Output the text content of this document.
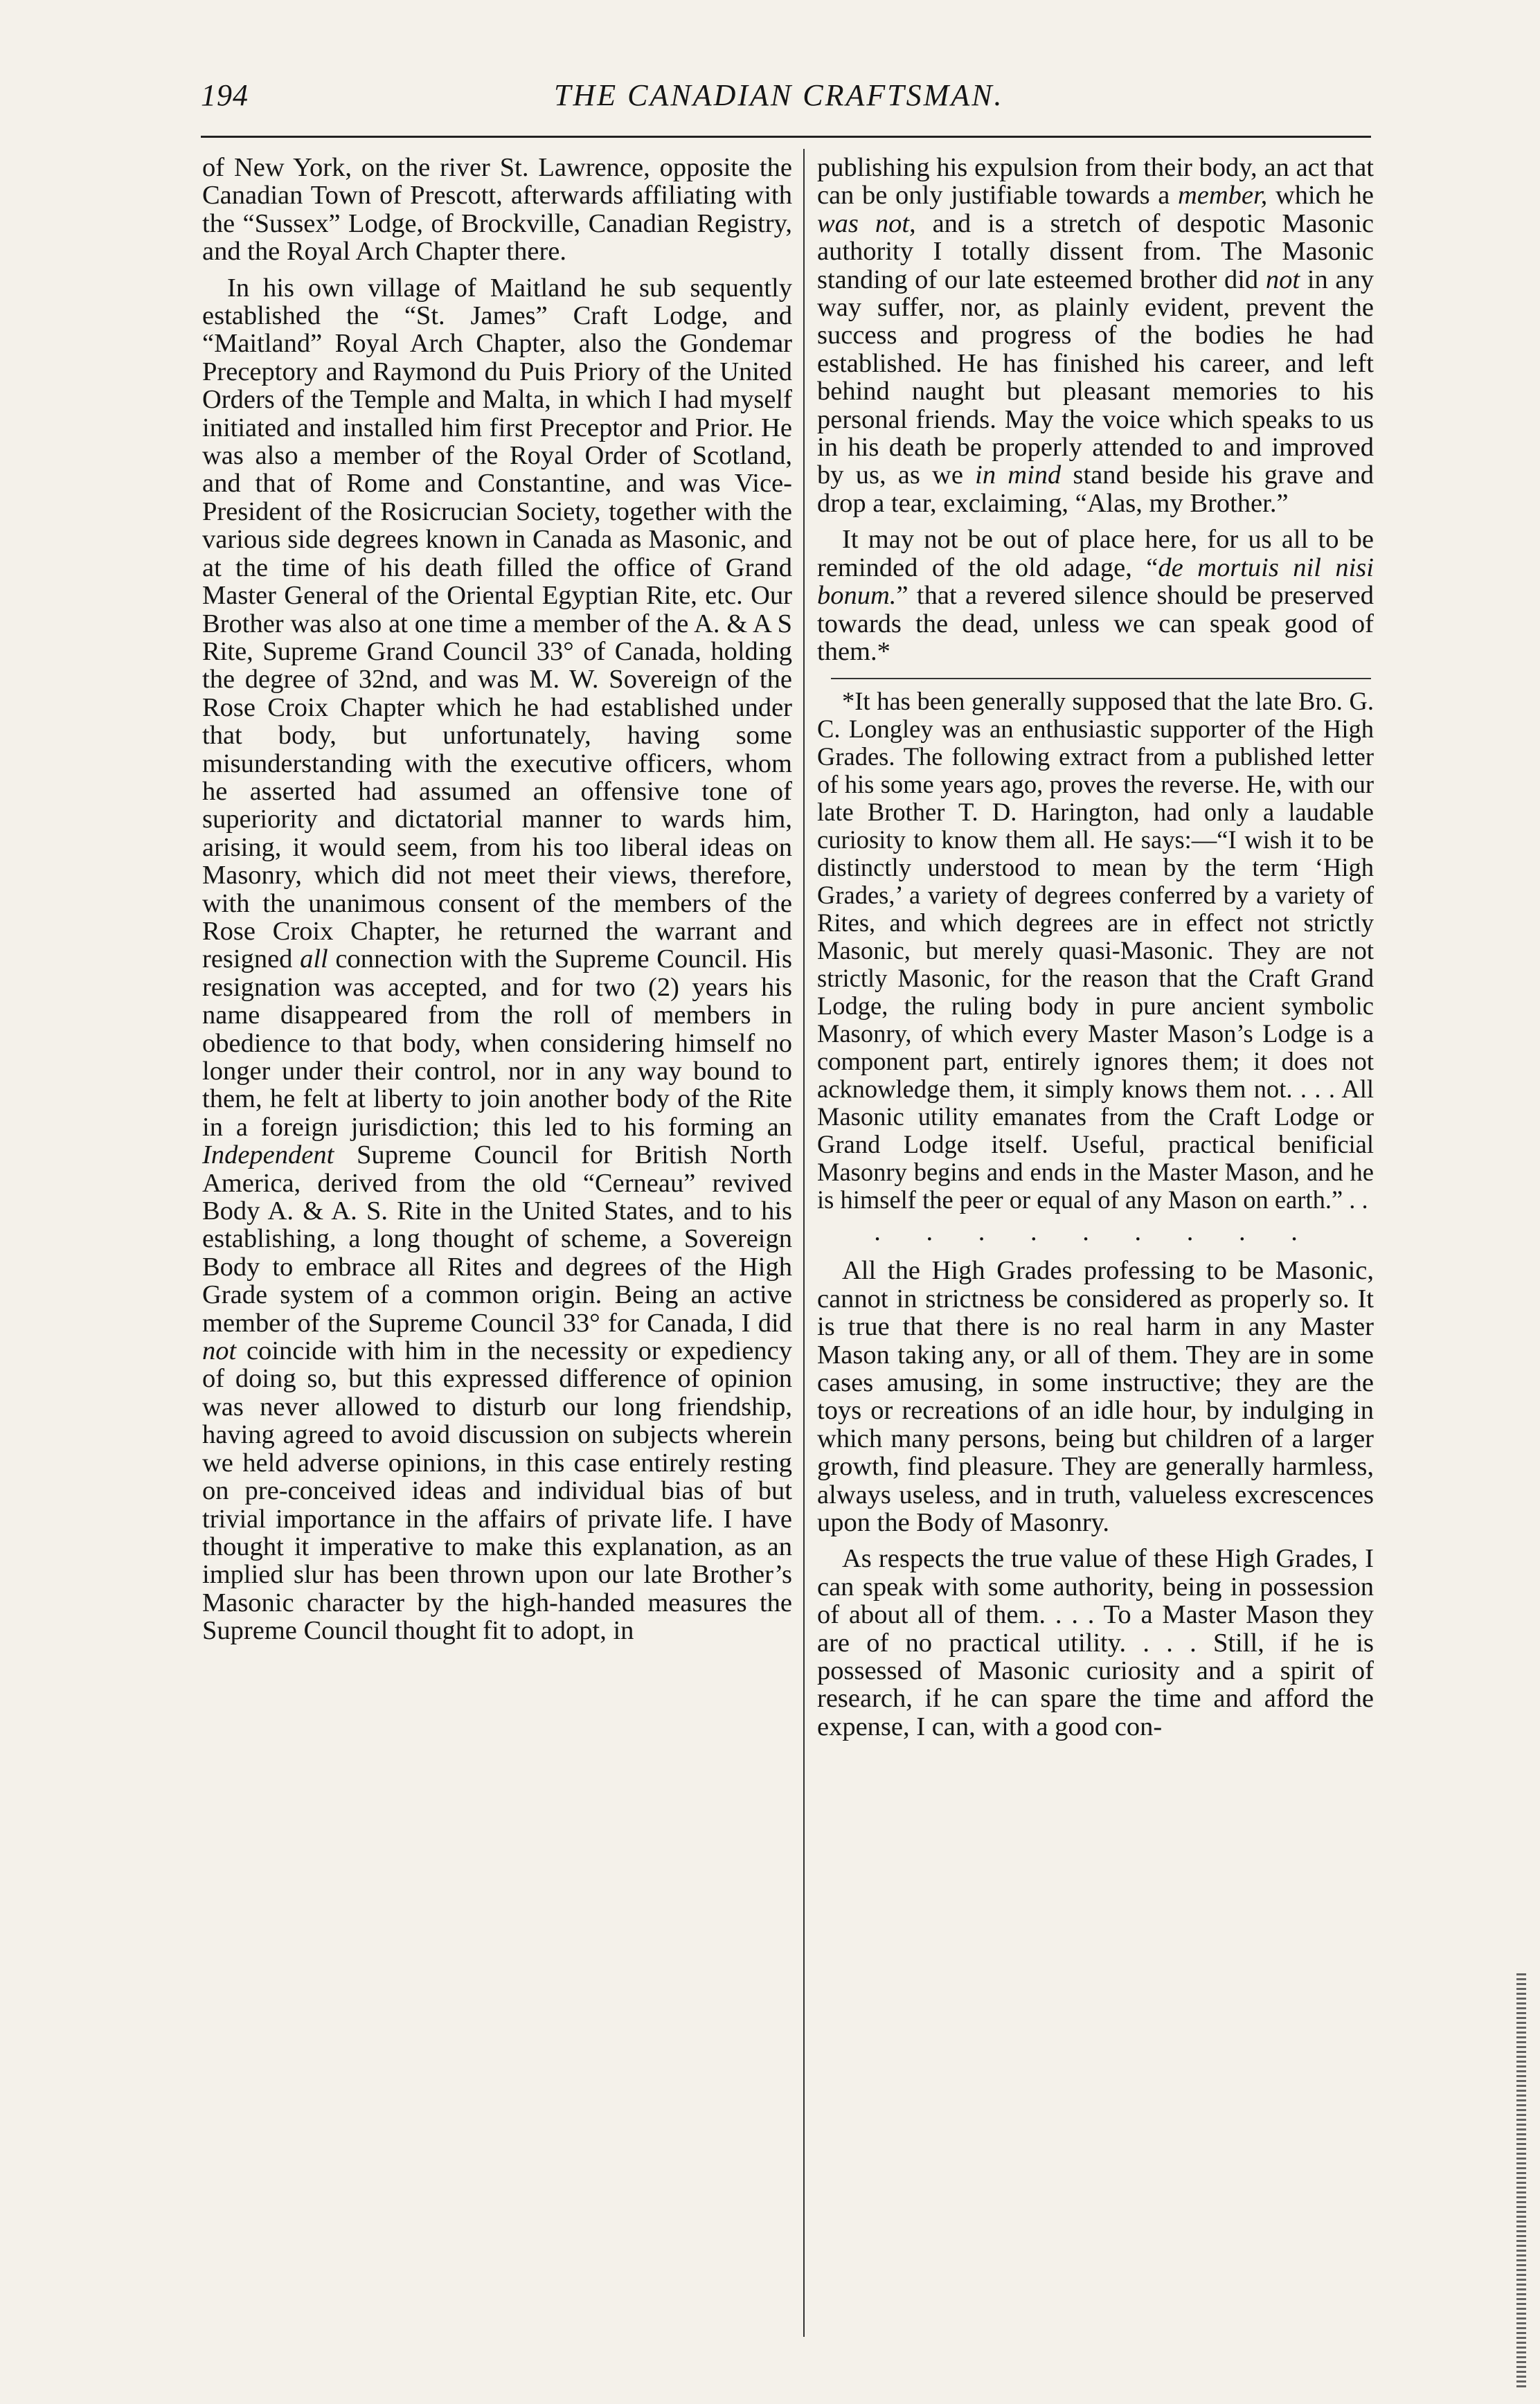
194	THE CANADIAN CRAFTSMAN.

of New York, on the river St. Lawrence, opposite the Canadian Town of Prescott, afterwards affiliating with the “Sussex” Lodge, of Brockville, Canadian Registry, and the Royal Arch Chapter there.

In his own village of Maitland he sub sequently established the “St. James” Craft Lodge, and “Maitland” Royal Arch Chapter, also the Gondemar Preceptory and Raymond du Puis Priory of the United Orders of the Temple and Malta, in which I had myself initiated and installed him first Preceptor and Prior. He was also a member of the Royal Order of Scotland, and that of Rome and Constantine, and was Vice-President of the Rosicrucian Society, together with the various side degrees known in Canada as Masonic, and at the time of his death filled the office of Grand Master General of the Oriental Egyptian Rite, etc. Our Brother was also at one time a member of the A. & A S Rite, Supreme Grand Council 33° of Canada, holding the degree of 32nd, and was M. W. Sovereign of the Rose Croix Chapter which he had established under that body, but unfortunately, having some misunderstanding with the executive officers, whom he asserted had assumed an offensive tone of superiority and dictatorial manner to wards him, arising, it would seem, from his too liberal ideas on Masonry, which did not meet their views, therefore, with the unanimous consent of the members of the Rose Croix Chapter, he returned the warrant and resigned all connection with the Supreme Council. His resignation was accepted, and for two (2) years his name disappeared from the roll of members in obedience to that body, when considering himself no longer under their control, nor in any way bound to them, he felt at liberty to join another body of the Rite in a foreign jurisdiction; this led to his forming an Independent Supreme Council for British North America, derived from the old “Cerneau” revived Body A. & A. S. Rite in the United States, and to his establishing, a long thought of scheme, a Sovereign Body to embrace all Rites and degrees of the High Grade system of a common origin. Being an active member of the Supreme Council 33° for Canada, I did not coincide with him in the necessity or expediency of doing so, but this expressed difference of opinion was never allowed to disturb our long friendship, having agreed to avoid discussion on subjects wherein we held adverse opinions, in this case entirely resting on pre-conceived ideas and individual bias of but trivial importance in the affairs of private life. I have thought it imperative to make this explanation, as an implied slur has been thrown upon our late Brother’s Masonic character by the high-handed measures the Supreme Council thought fit to adopt, in

publishing his expulsion from their body, an act that can be only justifiable towards a member, which he was not, and is a stretch of despotic Masonic authority I totally dissent from. The Masonic standing of our late esteemed brother did not in any way suffer, nor, as plainly evident, prevent the success and progress of the bodies he had established. He has finished his career, and left behind naught but pleasant memories to his personal friends. May the voice which speaks to us in his death be properly attended to and improved by us, as we in mind stand beside his grave and drop a tear, exclaiming, “Alas, my Brother.”

It may not be out of place here, for us all to be reminded of the old adage, “de mortuis nil nisi bonum.” that a revered silence should be preserved towards the dead, unless we can speak good of them.*

*It has been generally supposed that the late Bro. G. C. Longley was an enthusiastic supporter of the High Grades. The following extract from a published letter of his some years ago, proves the reverse. He, with our late Brother T. D. Harington, had only a laudable curiosity to know them all. He says:—“I wish it to be distinctly understood to mean by the term ‘High Grades,’ a variety of degrees conferred by a variety of Rites, and which degrees are in effect not strictly Masonic, but merely quasi-Masonic. They are not strictly Masonic, for the reason that the Craft Grand Lodge, the ruling body in pure ancient symbolic Masonry, of which every Master Mason’s Lodge is a component part, entirely ignores them; it does not acknowledge them, it simply knows them not. . . . All Masonic utility emanates from the Craft Lodge or Grand Lodge itself. Useful, practical benificial Masonry begins and ends in the Master Mason, and he is himself the peer or equal of any Mason on earth.” . .

. . . . . . . . .

All the High Grades professing to be Masonic, cannot in strictness be considered as properly so. It is true that there is no real harm in any Master Mason taking any, or all of them. They are in some cases amusing, in some instructive; they are the toys or recreations of an idle hour, by indulging in which many persons, being but children of a larger growth, find pleasure. They are generally harmless, always useless, and in truth, valueless excrescences upon the Body of Masonry.

As respects the true value of these High Grades, I can speak with some authority, being in possession of about all of them. . . . To a Master Mason they are of no practical utility. . . . Still, if he is possessed of Masonic curiosity and a spirit of research, if he can spare the time and afford the expense, I can, with a good con-
